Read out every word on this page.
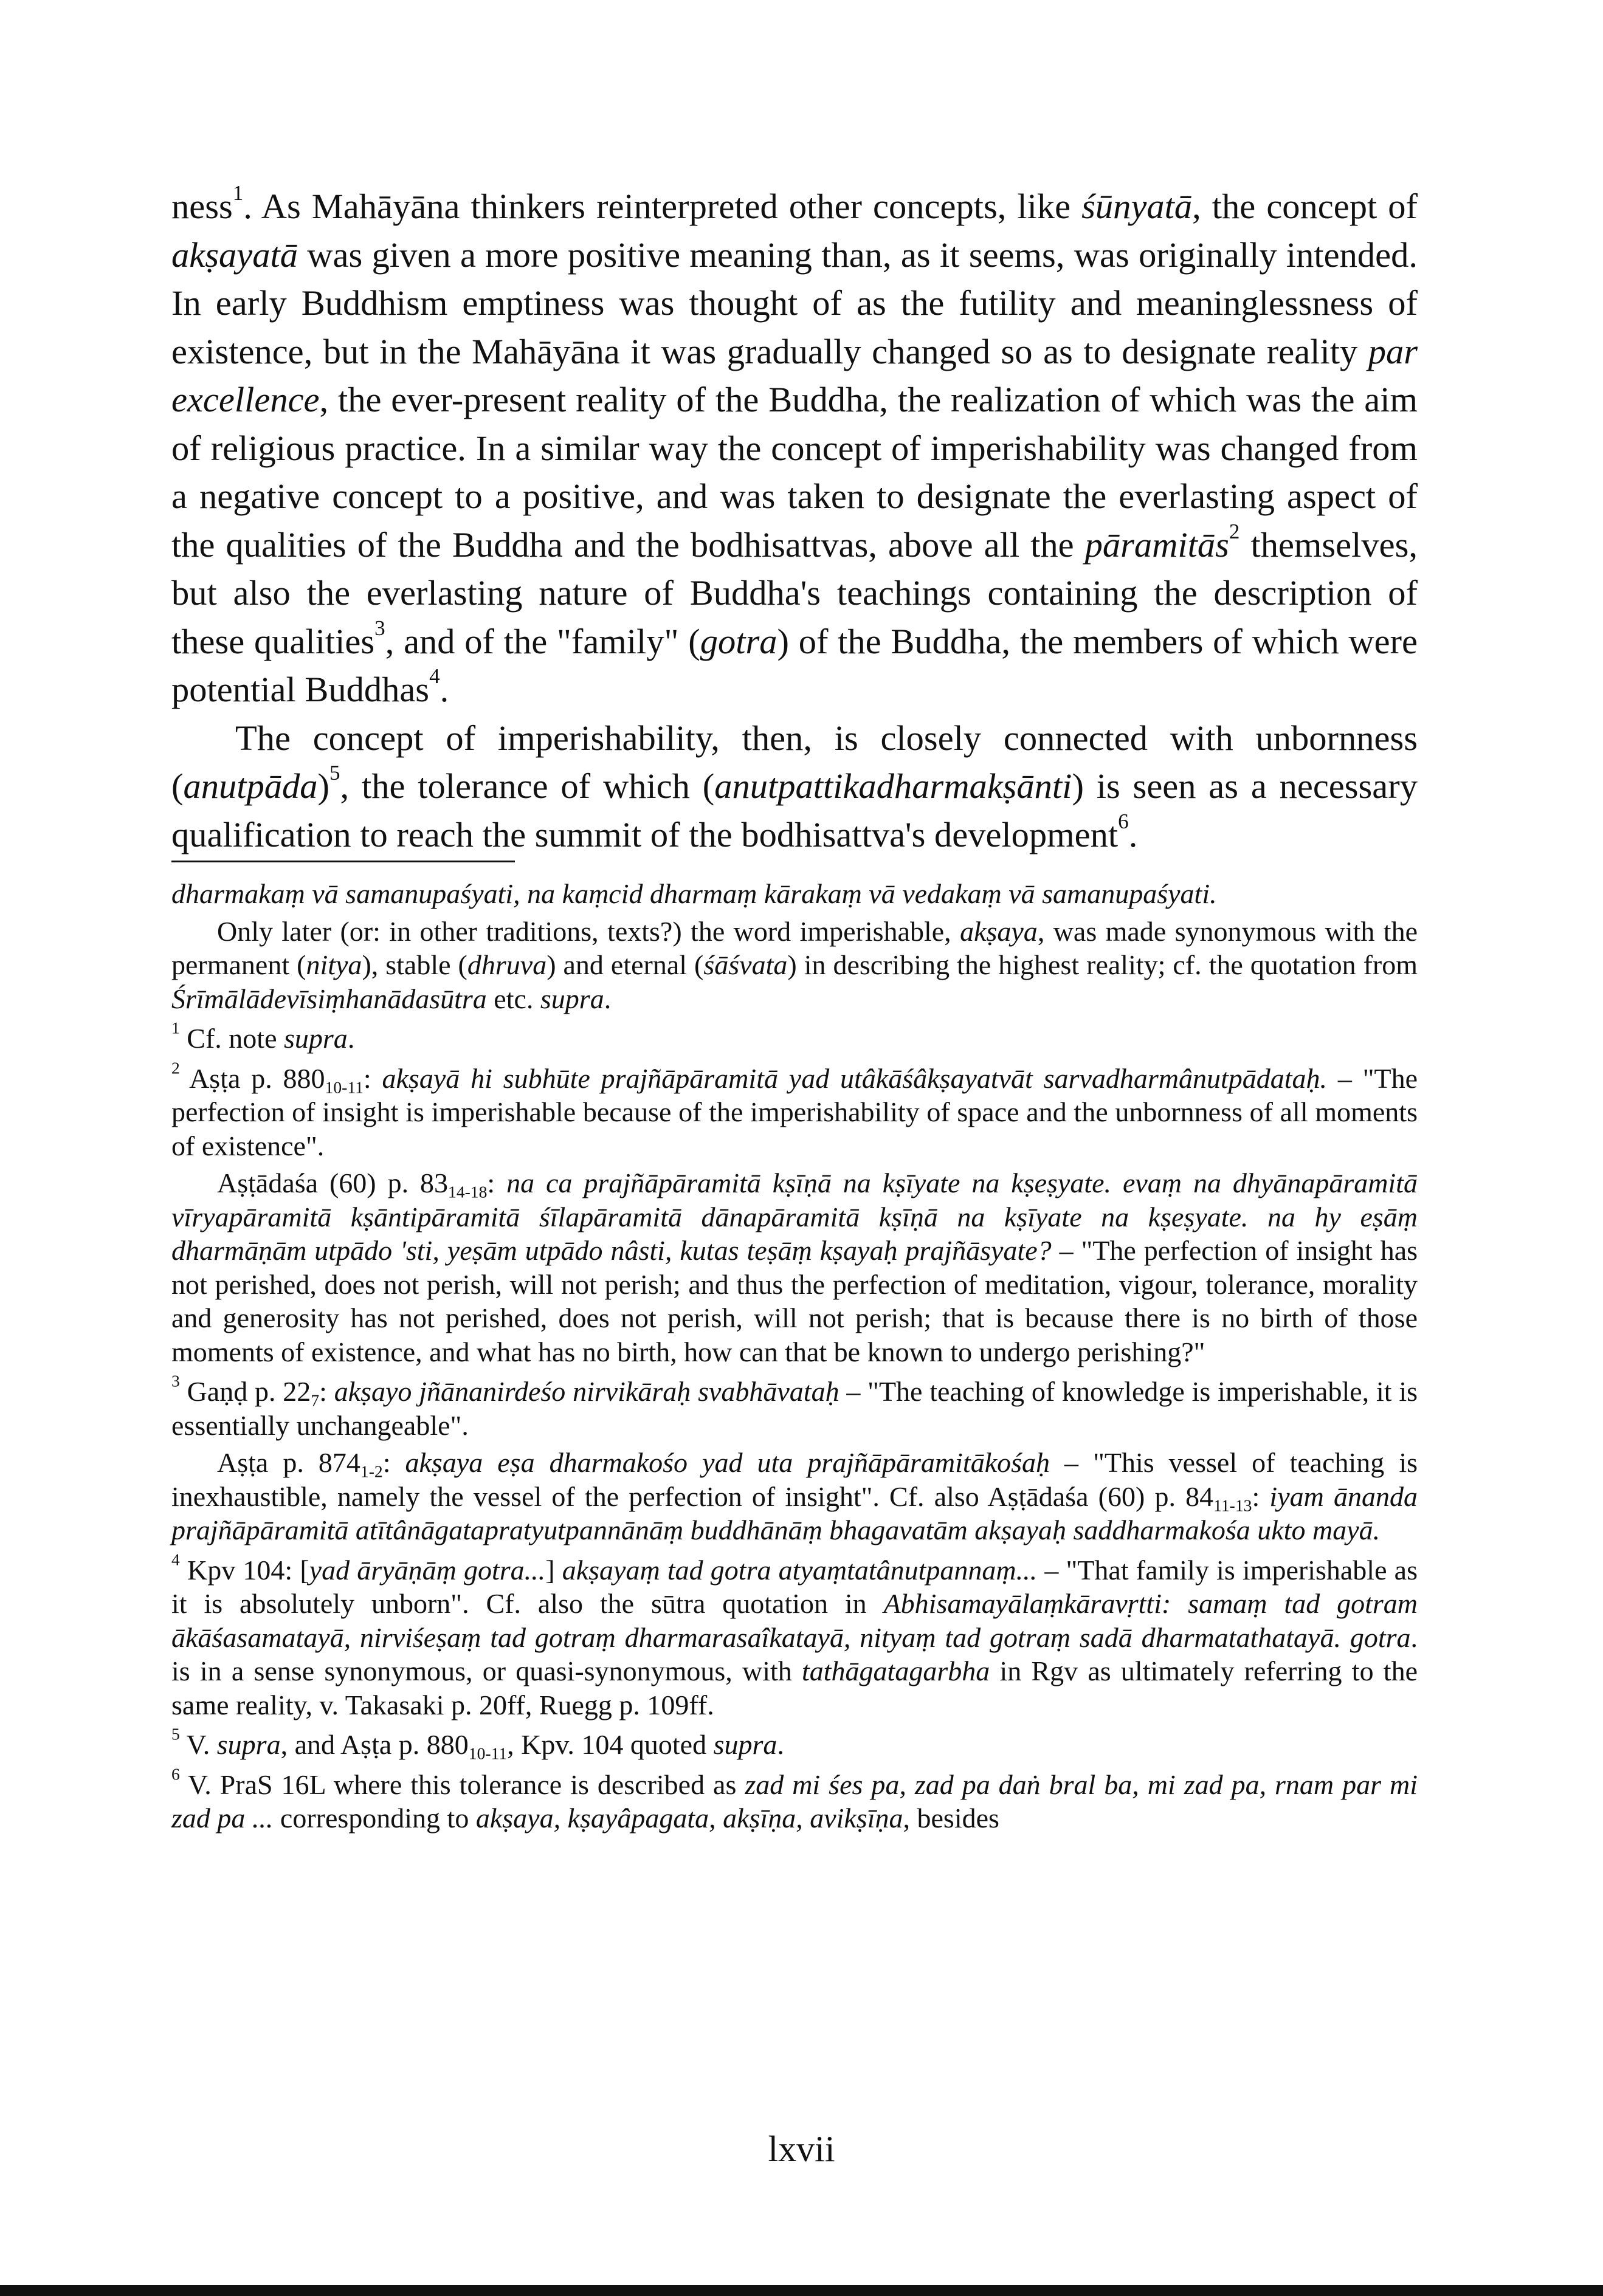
ness$^1$. As Mahāyāna thinkers reinterpreted other concepts, like śūnyatā, the concept of akṣayatā was given a more positive meaning than, as it seems, was originally intended. In early Buddhism emptiness was thought of as the futility and meaninglessness of existence, but in the Mahāyāna it was gradually changed so as to designate reality par excellence, the ever-present reality of the Buddha, the realization of which was the aim of religious practice. In a similar way the concept of imperishability was changed from a negative concept to a positive, and was taken to designate the everlasting aspect of the qualities of the Buddha and the bodhisattvas, above all the pāramitās$^2$ themselves, but also the everlasting nature of Buddha's teachings containing the description of these qualities$^3$, and of the "family" (gotra) of the Buddha, the members of which were potential Buddhas$^4$.

The concept of imperishability, then, is closely connected with unbornness (anutpāda)$^5$, the tolerance of which (anutpattikadharmakṣānti) is seen as a necessary qualification to reach the summit of the bodhisattva's development$^6$.

dharmakaṃ vā samanupaśyati, na kaṃcid dharmaṃ kārakaṃ vā vedakaṃ vā samanupaśyati.

Only later (or: in other traditions, texts?) the word imperishable, akṣaya, was made synonymous with the permanent (nitya), stable (dhruva) and eternal (śāśvata) in describing the highest reality; cf. the quotation from Śrīmālādevīsiṃhanādasūtra etc. supra.

$^1$ Cf. note supra.

$^2$ Aṣṭa p. $880_{10-11}$: akṣayā hi subhūte prajñāpāramitā yad utâkāśâkṣayatvāt sarvadharmânutpādataḥ. – "The perfection of insight is imperishable because of the imperishability of space and the unbornness of all moments of existence".

Aṣṭādaśa (60) p. $83_{14-18}$: na ca prajñāpāramitā kṣīṇā na kṣīyate na kṣeṣyate. evaṃ na dhyānapāramitā vīryapāramitā kṣāntipāramitā śīlapāramitā dānapāramitā kṣīṇā na kṣīyate na kṣeṣyate. na hy eṣāṃ dharmāṇām utpādo 'sti, yeṣām utpādo nâsti, kutas teṣāṃ kṣayaḥ prajñāsyate? – "The perfection of insight has not perished, does not perish, will not perish; and thus the perfection of meditation, vigour, tolerance, morality and generosity has not perished, does not perish, will not perish; that is because there is no birth of those moments of existence, and what has no birth, how can that be known to undergo perishing?"

$^3$ Gaṇḍ p. $22_7$: akṣayo jñānanirdeśo nirvikāraḥ svabhāvataḥ – "The teaching of knowledge is imperishable, it is essentially unchangeable".

Aṣṭa p. $874_{1-2}$: akṣaya eṣa dharmakośo yad uta prajñāpāramitākośaḥ – "This vessel of teaching is inexhaustible, namely the vessel of the perfection of insight". Cf. also Aṣṭādaśa (60) p. $84_{11-13}$: iyam ānanda prajñāpāramitā atītânāgatapratyutpannānāṃ buddhānāṃ bhagavatām akṣayaḥ saddharmakośa ukto mayā.

$^4$ Kpv 104: [yad āryāṇāṃ gotra...] akṣayaṃ tad gotra atyaṃtatânutpannaṃ... – "That family is imperishable as it is absolutely unborn". Cf. also the sūtra quotation in Abhisamayālaṃkāravṛtti: samaṃ tad gotram ākāśasamatayā, nirviśeṣaṃ tad gotraṃ dharmarasaîkatayā, nityaṃ tad gotraṃ sadā dharmatathatayā. gotra. is in a sense synonymous, or quasi-synonymous, with tathāgatagarbha in Rgv as ultimately referring to the same reality, v. Takasaki p. 20ff, Ruegg p. 109ff.

$^5$ V. supra, and Aṣṭa p. $880_{10-11}$, Kpv. 104 quoted supra.

$^6$ V. PraS 16L where this tolerance is described as zad mi śes pa, zad pa daṅ bral ba, mi zad pa, rnam par mi zad pa ... corresponding to akṣaya, kṣayâpagata, akṣīṇa, avikṣīṇa, besides

lxvii
